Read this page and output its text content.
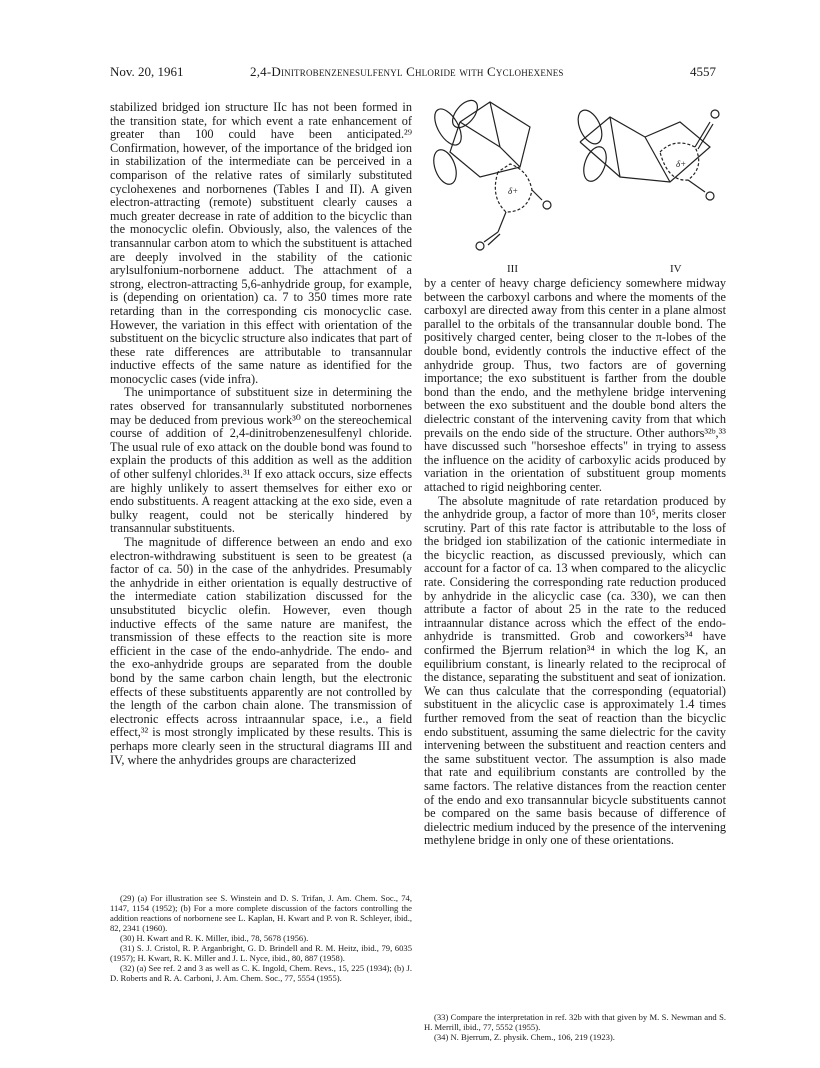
Nov. 20, 1961	2,4-Dinitrobenzenesulfenyl Chloride with Cyclohexenes	4557

stabilized bridged ion structure IIc has not been formed in the transition state, for which event a rate enhancement of greater than 100 could have been anticipated.²⁹ Confirmation, however, of the importance of the bridged ion in stabilization of the intermediate can be perceived in a comparison of the relative rates of similarly substituted cyclohexenes and norbornenes (Tables I and II). A given electron-attracting (remote) substituent clearly causes a much greater decrease in rate of addition to the bicyclic than the monocyclic olefin. Obviously, also, the valences of the transannular carbon atom to which the substituent is attached are deeply involved in the stability of the cationic arylsulfonium-norbornene adduct. The attachment of a strong, electron-attracting 5,6-anhydride group, for example, is (depending on orientation) ca. 7 to 350 times more rate retarding than in the corresponding cis monocyclic case. However, the variation in this effect with orientation of the substituent on the bicyclic structure also indicates that part of these rate differences are attributable to transannular inductive effects of the same nature as identified for the monocyclic cases (vide infra).

The unimportance of substituent size in determining the rates observed for transannularly substituted norbornenes may be deduced from previous work³⁰ on the stereochemical course of addition of 2,4-dinitrobenzenesulfenyl chloride. The usual rule of exo attack on the double bond was found to explain the products of this addition as well as the addition of other sulfenyl chlorides.³¹ If exo attack occurs, size effects are highly unlikely to assert themselves for either exo or endo substituents. A reagent attacking at the exo side, even a bulky reagent, could not be sterically hindered by transannular substituents.

The magnitude of difference between an endo and exo electron-withdrawing substituent is seen to be greatest (a factor of ca. 50) in the case of the anhydrides. Presumably the anhydride in either orientation is equally destructive of the intermediate cation stabilization discussed for the unsubstituted bicyclic olefin. However, even though inductive effects of the same nature are manifest, the transmission of these effects to the reaction site is more efficient in the case of the endo-anhydride. The endo- and the exo-anhydride groups are separated from the double bond by the same carbon chain length, but the electronic effects of these substituents apparently are not controlled by the length of the carbon chain alone. The transmission of electronic effects across intraannular space, i.e., a field effect,³² is most strongly implicated by these results. This is perhaps more clearly seen in the structural diagrams III and IV, where the anhydrides groups are characterized

(29) (a) For illustration see S. Winstein and D. S. Trifan, J. Am. Chem. Soc., 74, 1147, 1154 (1952); (b) For a more complete discussion of the factors controlling the addition reactions of norbornene see L. Kaplan, H. Kwart and P. von R. Schleyer, ibid., 82, 2341 (1960).

(30) H. Kwart and R. K. Miller, ibid., 78, 5678 (1956).

(31) S. J. Cristol, R. P. Arganbright, G. D. Brindell and R. M. Heitz, ibid., 79, 6035 (1957); H. Kwart, R. K. Miller and J. L. Nyce, ibid., 80, 887 (1958).

(32) (a) See ref. 2 and 3 as well as C. K. Ingold, Chem. Revs., 15, 225 (1934); (b) J. D. Roberts and R. A. Carboni, J. Am. Chem. Soc., 77, 5554 (1955).

δ+
δ+
III	IV

by a center of heavy charge deficiency somewhere midway between the carboxyl carbons and where the moments of the carboxyl are directed away from this center in a plane almost parallel to the orbitals of the transannular double bond. The positively charged center, being closer to the π-lobes of the double bond, evidently controls the inductive effect of the anhydride group. Thus, two factors are of governing importance; the exo substituent is farther from the double bond than the endo, and the methylene bridge intervening between the exo substituent and the double bond alters the dielectric constant of the intervening cavity from that which prevails on the endo side of the structure. Other authors³²ᵇ,³³ have discussed such "horseshoe effects" in trying to assess the influence on the acidity of carboxylic acids produced by variation in the orientation of substituent group moments attached to rigid neighboring center.

The absolute magnitude of rate retardation produced by the anhydride group, a factor of more than 10⁵, merits closer scrutiny. Part of this rate factor is attributable to the loss of the bridged ion stabilization of the cationic intermediate in the bicyclic reaction, as discussed previously, which can account for a factor of ca. 13 when compared to the alicyclic rate. Considering the corresponding rate reduction produced by anhydride in the alicyclic case (ca. 330), we can then attribute a factor of about 25 in the rate to the reduced intraannular distance across which the effect of the endo-anhydride is transmitted. Grob and coworkers³⁴ have confirmed the Bjerrum relation³⁴ in which the log K, an equilibrium constant, is linearly related to the reciprocal of the distance, separating the substituent and seat of ionization. We can thus calculate that the corresponding (equatorial) substituent in the alicyclic case is approximately 1.4 times further removed from the seat of reaction than the bicyclic endo substituent, assuming the same dielectric for the cavity intervening between the substituent and reaction centers and the same substituent vector. The assumption is also made that rate and equilibrium constants are controlled by the same factors. The relative distances from the reaction center of the endo and exo transannular bicycle substituents cannot be compared on the same basis because of difference of dielectric medium induced by the presence of the intervening methylene bridge in only one of these orientations.

(33) Compare the interpretation in ref. 32b with that given by M. S. Newman and S. H. Merrill, ibid., 77, 5552 (1955).

(34) N. Bjerrum, Z. physik. Chem., 106, 219 (1923).
